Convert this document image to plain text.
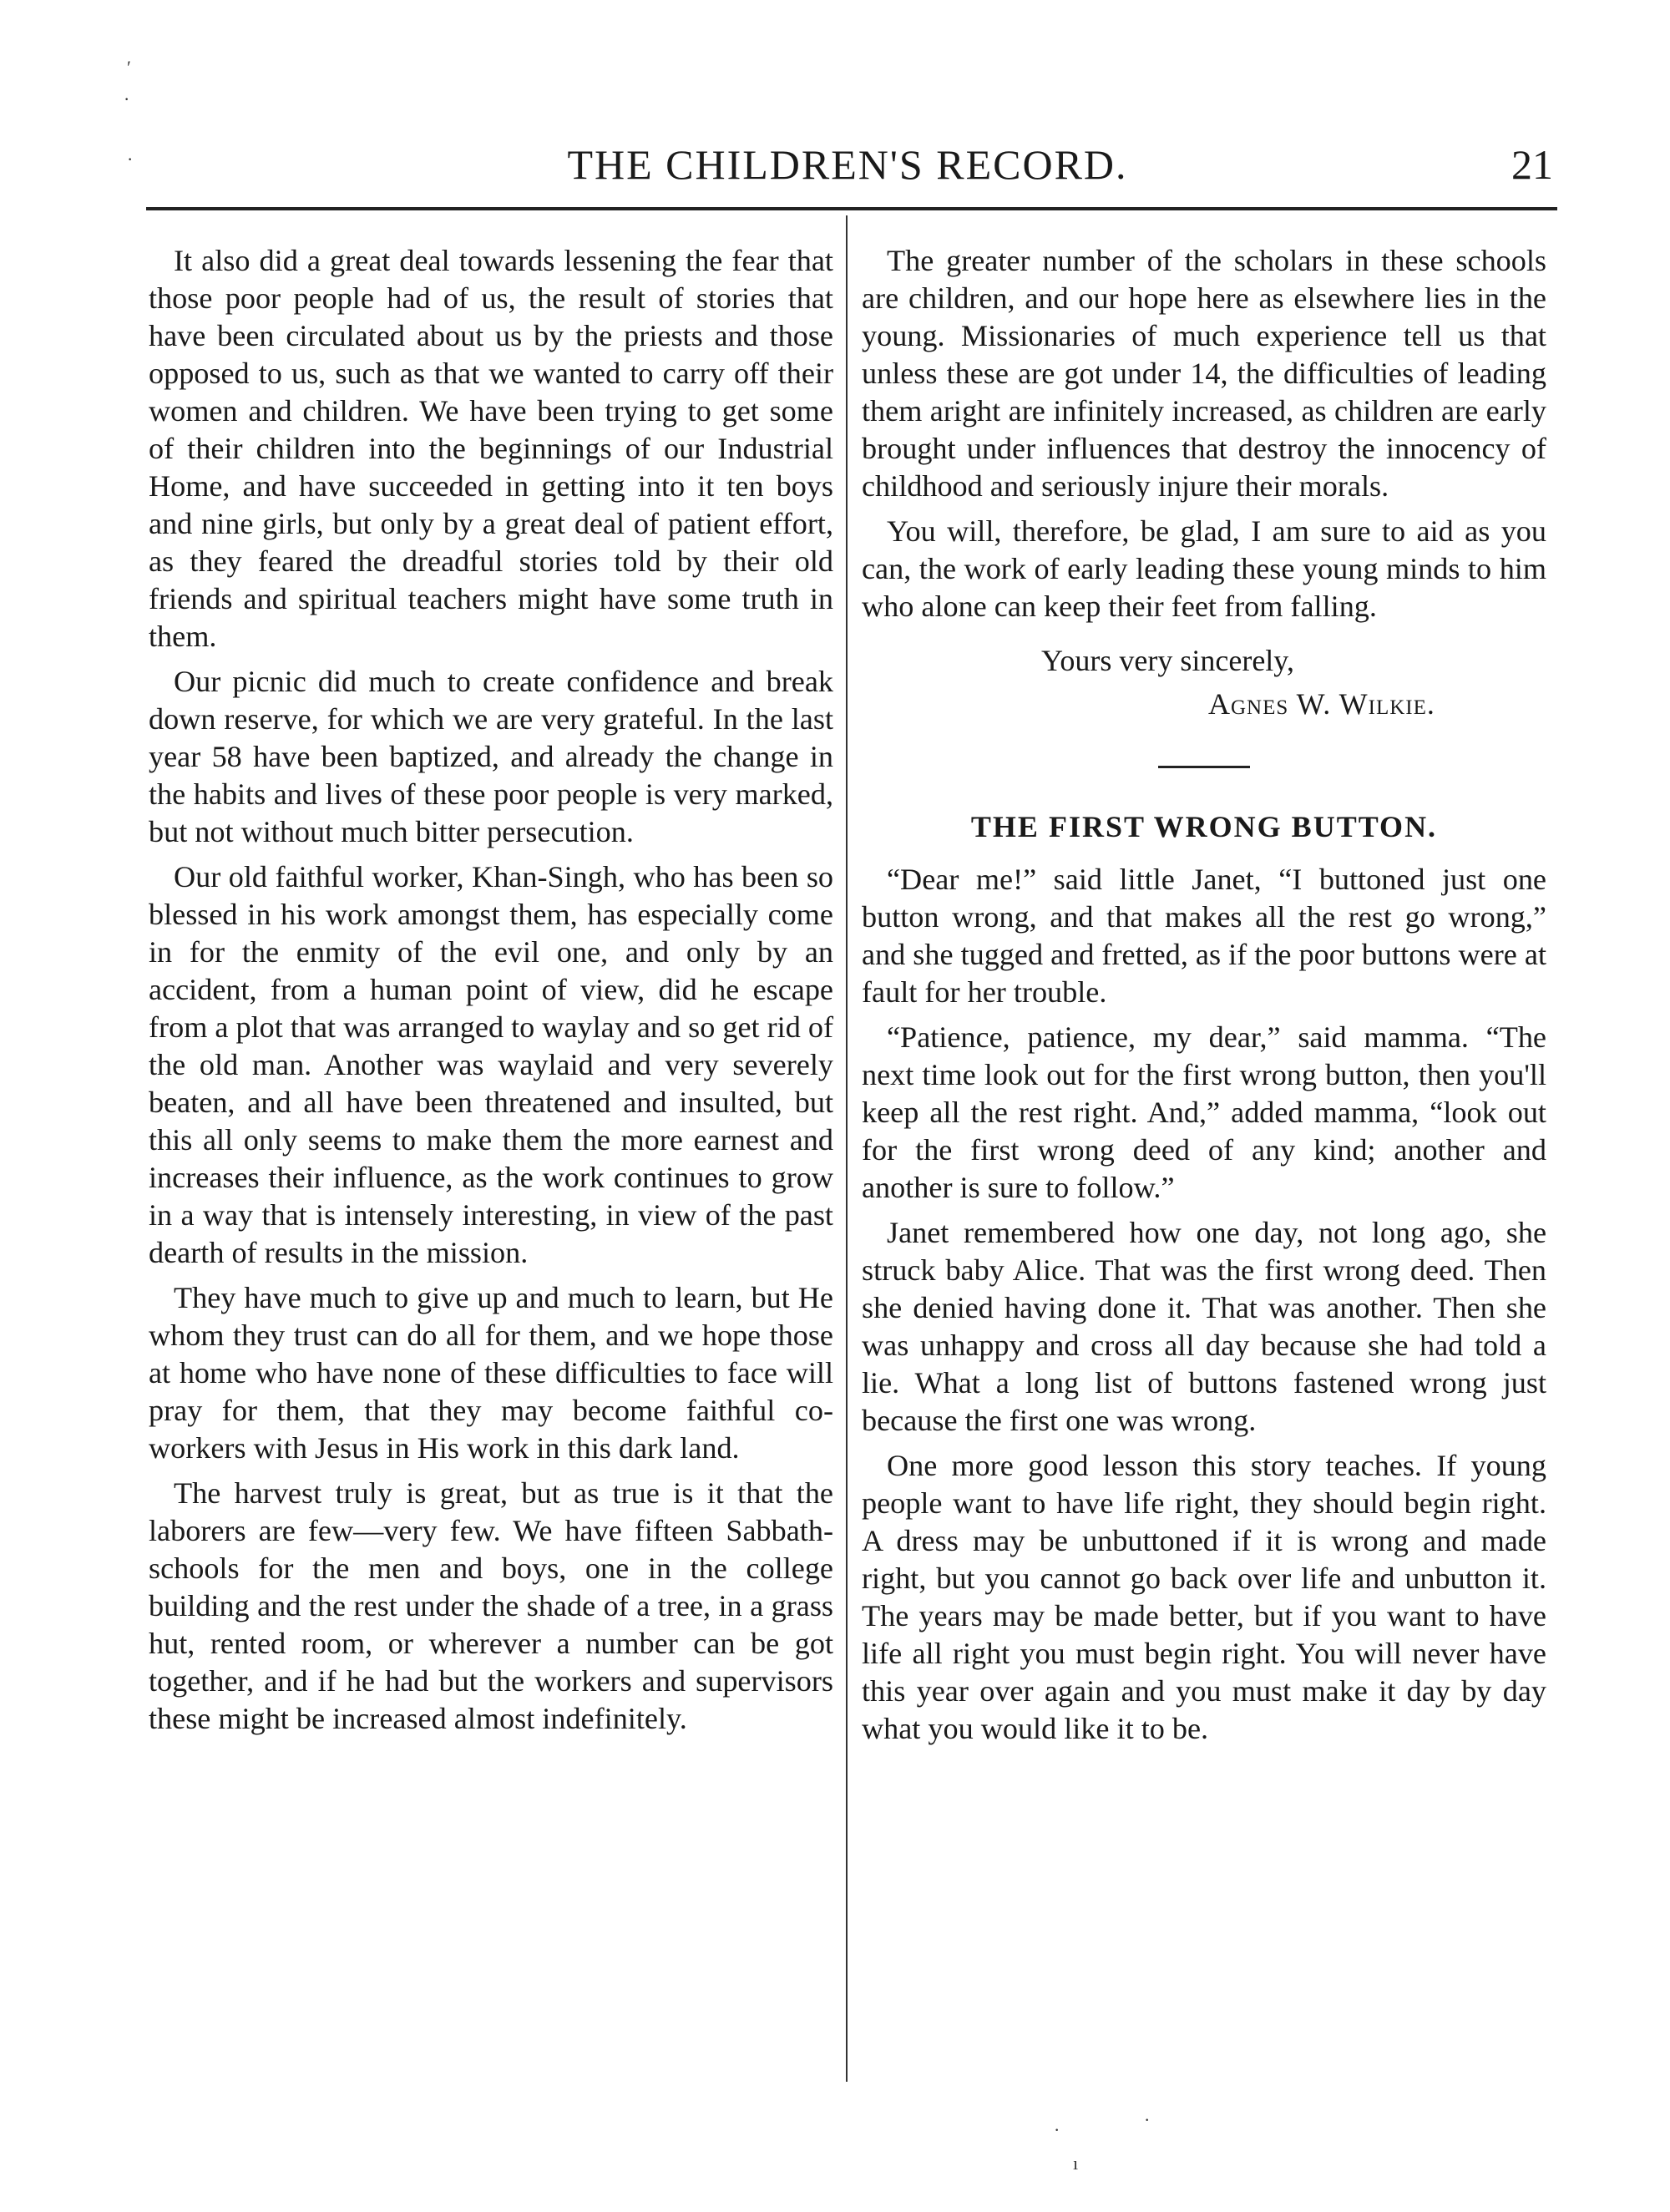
′
·
·	THE CHILDREN'S RECORD.	21

It also did a great deal towards lessening the fear that those poor people had of us, the result of stories that have been circulated about us by the priests and those opposed to us, such as that we wanted to carry off their women and children. We have been trying to get some of their children into the beginnings of our Industrial Home, and have succeeded in getting into it ten boys and nine girls, but only by a great deal of patient effort, as they feared the dreadful stories told by their old friends and spiritual teachers might have some truth in them.

Our picnic did much to create confidence and break down reserve, for which we are very grateful. In the last year 58 have been baptized, and already the change in the habits and lives of these poor people is very marked, but not without much bitter persecution.

Our old faithful worker, Khan-Singh, who has been so blessed in his work amongst them, has especially come in for the enmity of the evil one, and only by an accident, from a human point of view, did he escape from a plot that was arranged to waylay and so get rid of the old man. Another was waylaid and very severely beaten, and all have been threatened and insulted, but this all only seems to make them the more earnest and increases their influence, as the work continues to grow in a way that is intensely interesting, in view of the past dearth of results in the mission.

They have much to give up and much to learn, but He whom they trust can do all for them, and we hope those at home who have none of these difficulties to face will pray for them, that they may become faithful co-workers with Jesus in His work in this dark land.

The harvest truly is great, but as true is it that the laborers are few—very few. We have fifteen Sabbath-schools for the men and boys, one in the college building and the rest under the shade of a tree, in a grass hut, rented room, or wherever a number can be got together, and if he had but the workers and supervisors these might be increased almost indefinitely.

The greater number of the scholars in these schools are children, and our hope here as elsewhere lies in the young. Missionaries of much experience tell us that unless these are got under 14, the difficulties of leading them aright are infinitely increased, as children are early brought under influences that destroy the innocency of childhood and seriously injure their morals.

You will, therefore, be glad, I am sure to aid as you can, the work of early leading these young minds to him who alone can keep their feet from falling.

Yours very sincerely,
Agnes W. Wilkie.
THE FIRST WRONG BUTTON.

“Dear me!” said little Janet, “I buttoned just one button wrong, and that makes all the rest go wrong,” and she tugged and fretted, as if the poor buttons were at fault for her trouble.

“Patience, patience, my dear,” said mamma. “The next time look out for the first wrong button, then you'll keep all the rest right. And,” added mamma, “look out for the first wrong deed of any kind; another and another is sure to follow.”

Janet remembered how one day, not long ago, she struck baby Alice. That was the first wrong deed. Then she denied having done it. That was another. Then she was unhappy and cross all day because she had told a lie. What a long list of buttons fastened wrong just because the first one was wrong.

One more good lesson this story teaches. If young people want to have life right, they should begin right. A dress may be unbuttoned if it is wrong and made right, but you cannot go back over life and unbutton it. The years may be made better, but if you want to have life all right you must begin right. You will never have this year over again and you must make it day by day what you would like it to be.

·	·
ı
